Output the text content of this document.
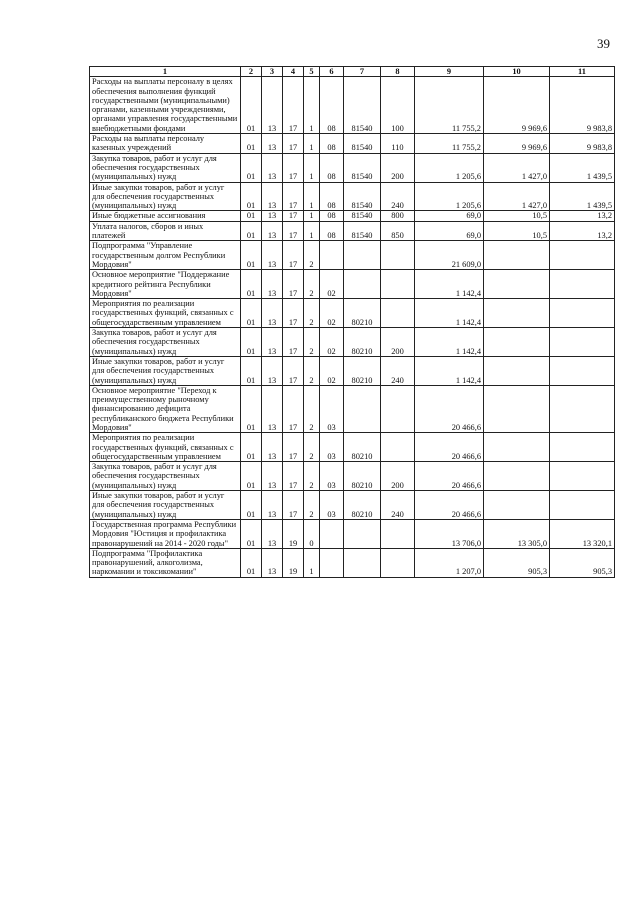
39
1	2	3	4	5	6	7	8	9	10	11
Расходы на выплаты персоналу в целях обеспечения выполнения функций государственными (муниципальными) органами, казенными учреждениями, органами управления государственными внебюджетными фондами	01	13	17	1	08	81540	100	11 755,2	9 969,6	9 983,8
Расходы на выплаты персоналу казенных учреждений	01	13	17	1	08	81540	110	11 755,2	9 969,6	9 983,8
Закупка товаров, работ и услуг для обеспечения государственных (муниципальных) нужд	01	13	17	1	08	81540	200	1 205,6	1 427,0	1 439,5
Иные закупки товаров, работ и услуг для обеспечения государственных (муниципальных) нужд	01	13	17	1	08	81540	240	1 205,6	1 427,0	1 439,5
Иные бюджетные ассигнования	01	13	17	1	08	81540	800	69,0	10,5	13,2
Уплата налогов, сборов и иных платежей	01	13	17	1	08	81540	850	69,0	10,5	13,2
Подпрограмма "Управление государственным долгом Республики Мордовия"	01	13	17	2				21 609,0		
Основное мероприятие "Поддержание кредитного рейтинга Республики Мордовия"	01	13	17	2	02			1 142,4		
Мероприятия по реализации государственных функций, связанных с общегосударственным управлением	01	13	17	2	02	80210		1 142,4		
Закупка товаров, работ и услуг для обеспечения государственных (муниципальных) нужд	01	13	17	2	02	80210	200	1 142,4		
Иные закупки товаров, работ и услуг для обеспечения государственных (муниципальных) нужд	01	13	17	2	02	80210	240	1 142,4		
Основное мероприятие "Переход к преимущественному рыночному финансированию дефицита республиканского бюджета Республики Мордовия"	01	13	17	2	03			20 466,6		
Мероприятия по реализации государственных функций, связанных с общегосударственным управлением	01	13	17	2	03	80210		20 466,6		
Закупка товаров, работ и услуг для обеспечения государственных (муниципальных) нужд	01	13	17	2	03	80210	200	20 466,6		
Иные закупки товаров, работ и услуг для обеспечения государственных (муниципальных) нужд	01	13	17	2	03	80210	240	20 466,6		
Государственная программа Республики Мордовия "Юстиция и профилактика правонарушений на 2014 - 2020 годы"	01	13	19	0				13 706,0	13 305,0	13 320,1
Подпрограмма "Профилактика правонарушений, алкоголизма, наркомании и токсикомании"	01	13	19	1				1 207,0	905,3	905,3
